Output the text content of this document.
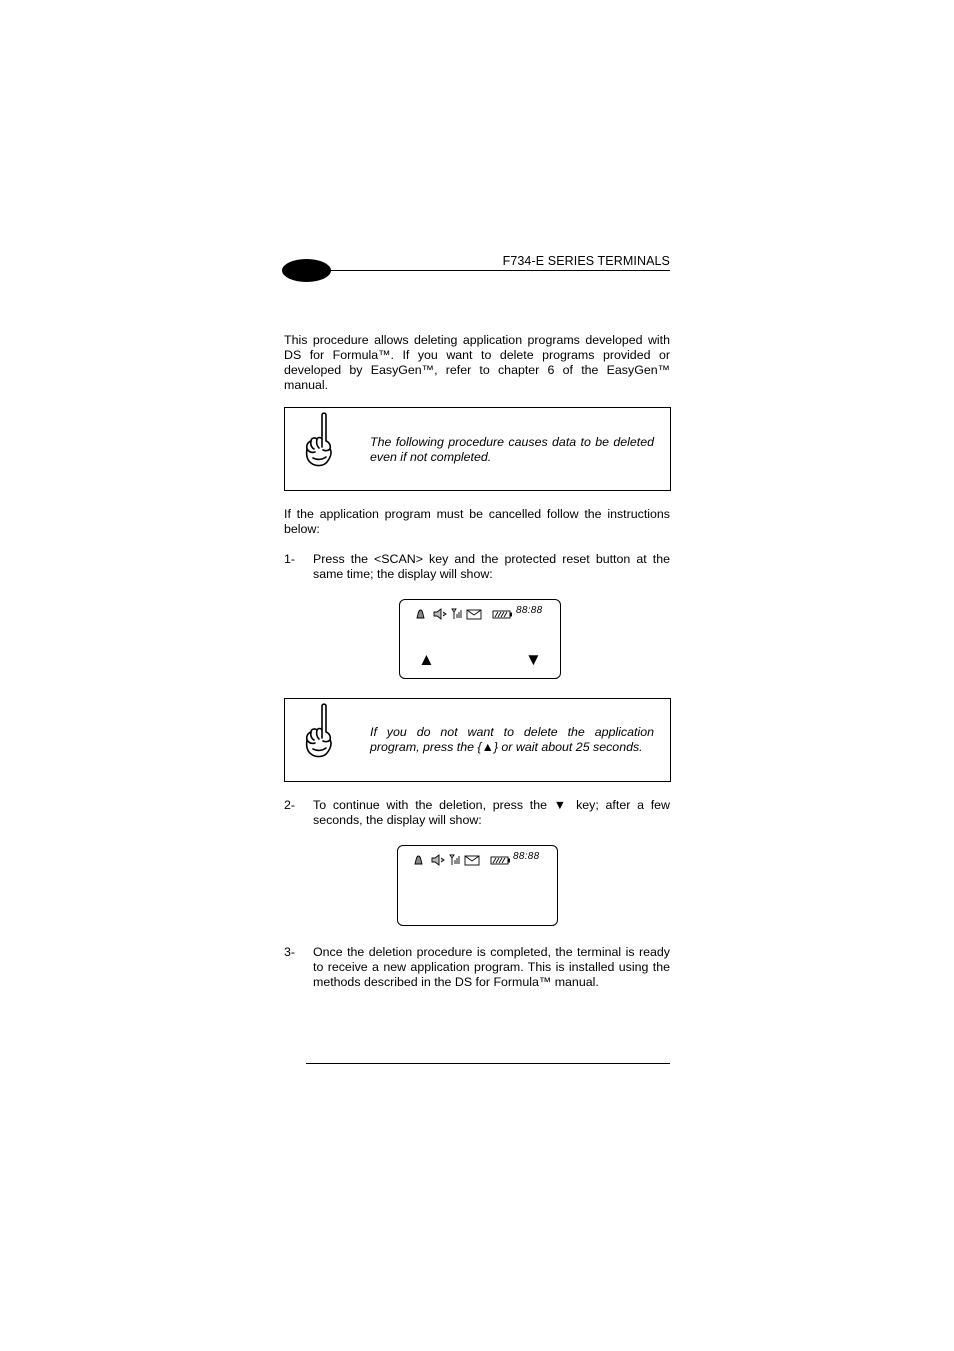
F734-E SERIES TERMINALS
This procedure allows deleting application programs developed with DS for Formula™. If you want to delete programs provided or developed by EasyGen™, refer to chapter 6 of the EasyGen™ manual.
The following procedure causes data to be deleted even if not completed.
If the application program must be cancelled follow the instructions below:
1- Press the <SCAN> key and the protected reset button at the same time; the display will show:
88:88
▲	▼
If you do not want to delete the application program, press the {▲} or wait about 25 seconds.
2- To continue with the deletion, press the ▼ key; after a few seconds, the display will show:
88:88
3- Once the deletion procedure is completed, the terminal is ready to receive a new application program. This is installed using the methods described in the DS for Formula™ manual.
